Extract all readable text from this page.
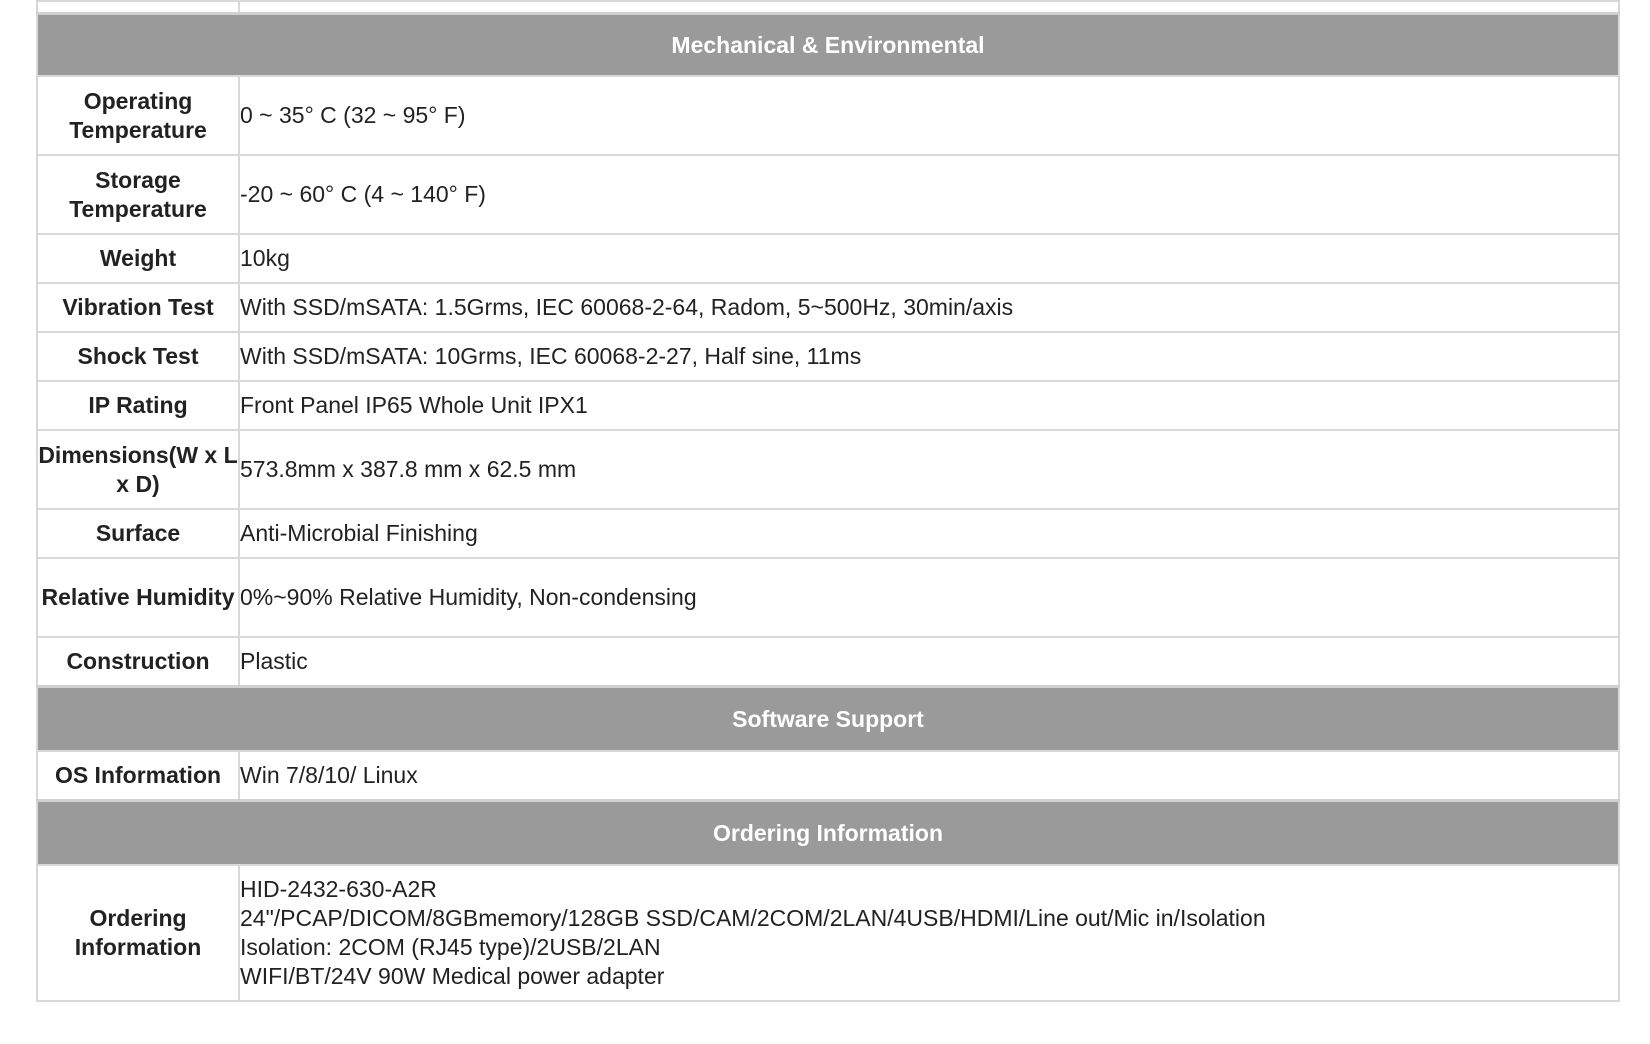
Mechanical & Environmental	
Operating Temperature	0 ~ 35° C (32 ~ 95° F)
Storage Temperature	-20 ~ 60° C (4 ~ 140° F)
Weight	10kg
Vibration Test	With SSD/mSATA: 1.5Grms, IEC 60068-2-64, Radom, 5~500Hz, 30min/axis
Shock Test	With SSD/mSATA: 10Grms, IEC 60068-2-27, Half sine, 11ms
IP Rating	Front Panel IP65 Whole Unit IPX1
Dimensions(W x L x D)	573.8mm x 387.8 mm x 62.5 mm
Surface	Anti-Microbial Finishing
Relative Humidity	0%~90% Relative Humidity, Non-condensing
Construction	Plastic
Software Support	
OS Information	Win 7/8/10/ Linux
Ordering Information	
Ordering Information	HID-2432-630-A2R
24"/PCAP/DICOM/8GBmemory/128GB SSD/CAM/2COM/2LAN/4USB/HDMI/Line out/Mic in/Isolation
Isolation: 2COM (RJ45 type)/2USB/2LAN
WIFI/BT/24V 90W Medical power adapter
